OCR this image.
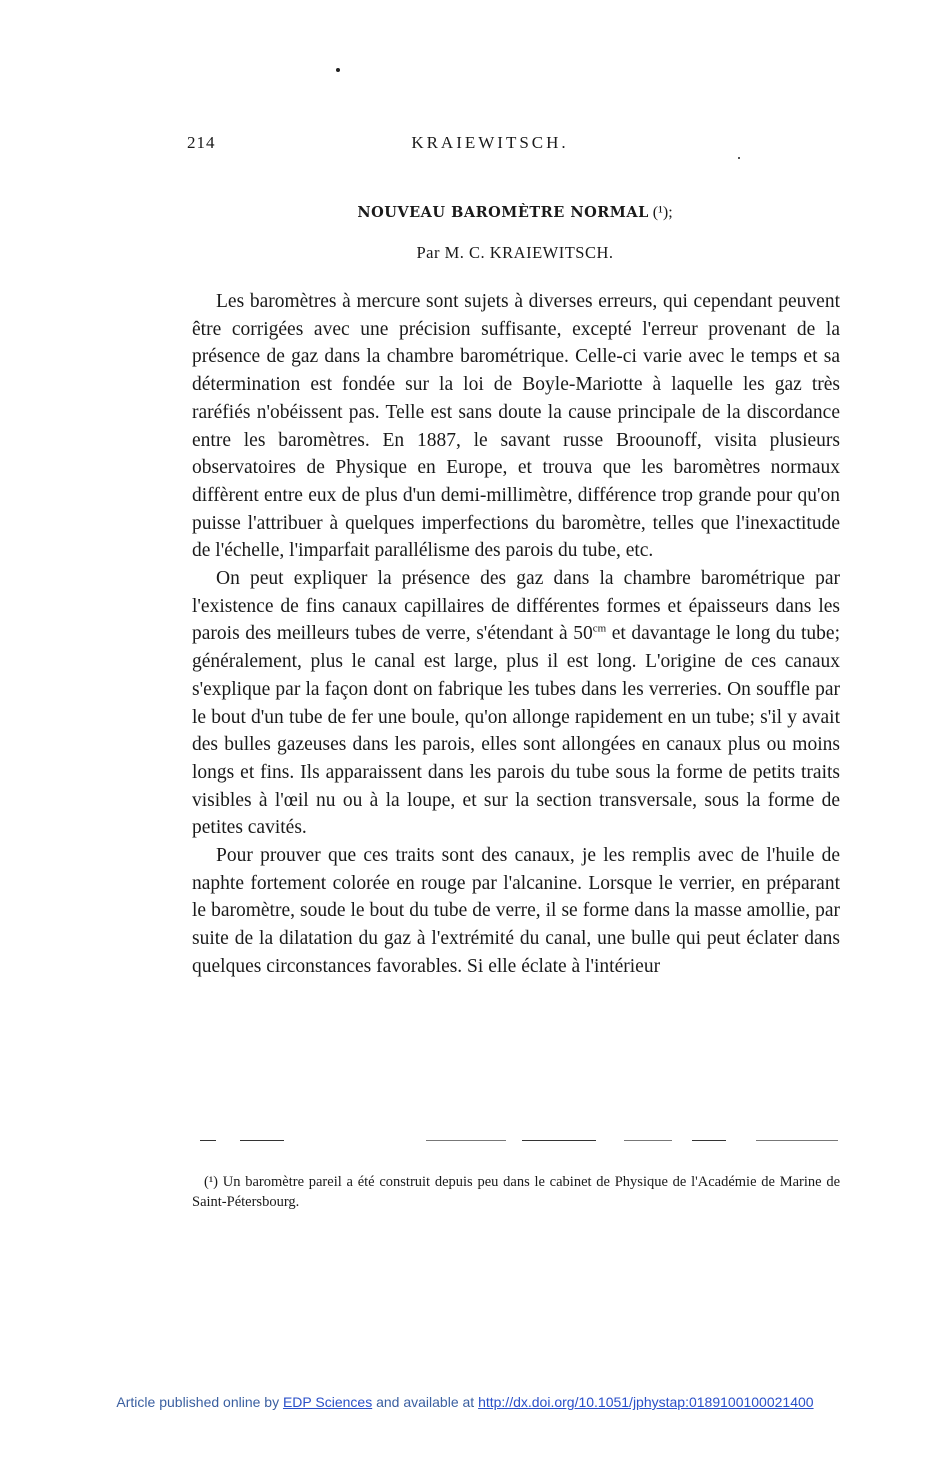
214	KRAIEWITSCH.
NOUVEAU BAROMÈTRE NORMAL (¹);
Par M. C. KRAIEWITSCH.

Les baromètres à mercure sont sujets à diverses erreurs, qui cependant peuvent être corrigées avec une précision suffisante, excepté l'erreur provenant de la présence de gaz dans la chambre barométrique. Celle-ci varie avec le temps et sa détermination est fondée sur la loi de Boyle-Mariotte à laquelle les gaz très raréfiés n'obéissent pas. Telle est sans doute la cause principale de la discordance entre les baromètres. En 1887, le savant russe Broounoff, visita plusieurs observatoires de Physique en Europe, et trouva que les baromètres normaux diffèrent entre eux de plus d'un demi-millimètre, différence trop grande pour qu'on puisse l'attribuer à quelques imperfections du baromètre, telles que l'inexactitude de l'échelle, l'imparfait parallélisme des parois du tube, etc.

On peut expliquer la présence des gaz dans la chambre barométrique par l'existence de fins canaux capillaires de différentes formes et épaisseurs dans les parois des meilleurs tubes de verre, s'étendant à $50^{cm}$ et davantage le long du tube; généralement, plus le canal est large, plus il est long. L'origine de ces canaux s'explique par la façon dont on fabrique les tubes dans les verreries. On souffle par le bout d'un tube de fer une boule, qu'on allonge rapidement en un tube; s'il y avait des bulles gazeuses dans les parois, elles sont allongées en canaux plus ou moins longs et fins. Ils apparaissent dans les parois du tube sous la forme de petits traits visibles à l'œil nu ou à la loupe, et sur la section transversale, sous la forme de petites cavités.

Pour prouver que ces traits sont des canaux, je les remplis avec de l'huile de naphte fortement colorée en rouge par l'alcanine. Lorsque le verrier, en préparant le baromètre, soude le bout du tube de verre, il se forme dans la masse amollie, par suite de la dilatation du gaz à l'extrémité du canal, une bulle qui peut éclater dans quelques circonstances favorables. Si elle éclate à l'intérieur

(¹) Un baromètre pareil a été construit depuis peu dans le cabinet de Physique de l'Académie de Marine de Saint-Pétersbourg.

Article published online by EDP Sciences and available at http://dx.doi.org/10.1051/jphystap:0189100100021400
